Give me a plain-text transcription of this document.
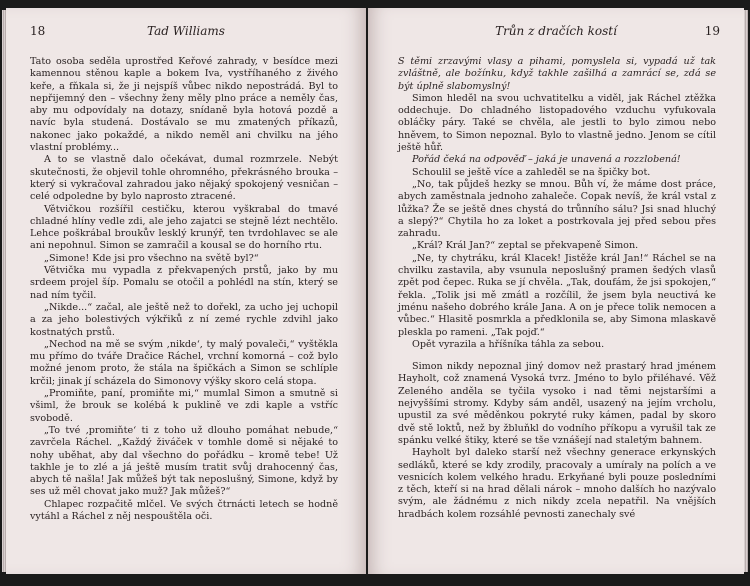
18	Tad Williams

Tato osoba seděla uprostřed Keřové zahrady, v besídce mezi kamennou stěnou kaple a bokem Iva, vystříhaného z živého keře, a fňkala si, že ji nejspíš vůbec nikdo nepostrádá. Byl to nepřijemný den – všechny ženy měly plno práce a neměly čas, aby mu odpovídaly na dotazy, snídaně byla hotová pozdě a navíc byla studená. Dostávalo se mu zmatených příkazů, nakonec jako pokaždé, a nikdo neměl ani chvilku na jého vlastní problémy...

A to se vlastně dalo očekávat, dumal rozmrzele. Nebýt skutečnosti, že objevil tohle ohromného, překrásného brouka – který si vykračoval zahradou jako nějaký spokojený vesničan – celé odpoledne by bylo naprosto ztracené.

Větvičkou rozšířil cestičku, kterou vyškrabal do tmavé chladné hlíny vedle zdi, ale jeho zajatci se stejně lézt nechtělo. Lehce poškrábal broukův lesklý krunýř, ten tvrdohlavec se ale ani nepohnul. Simon se zamračil a kousal se do horního rtu.

„Simone! Kde jsi pro všechno na světě byl?“

Větvička mu vypadla z překvapených prstů, jako by mu srdeem projel šíp. Pomalu se otočil a pohlédl na stín, který se nad ním tyčil.

„Nikde...“ začal, ale ještě než to dořekl, za ucho jej uchopil a za jeho bolestivých výkřiků z ní zemé rychle zdvihl jako kostnatých prstů.

„Nechod na mě se svým ,nikde‘, ty malý povaleči,“ vyštěkla mu přímo do tváře Dračice Ráchel, vrchní komorná – což bylo možné jenom proto, že stála na špičkách a Simon se schlíple krčil; jinak jí scházela do Simonovy výšky skoro celá stopa.

„Promiňte, paní, promiňte mi,“ mumlal Simon a smutně si všiml, že brouk se kolébá k puklině ve zdi kaple a vstříc svobodě.

„To tvé ,promiňte‘ ti z toho už dlouho pomáhat nebude,“ zavrčela Ráchel. „Každý živáček v tomhle domě si nějaké to nohy uběhat, aby dal všechno do pořádku – kromě tebe! Už takhle je to zlé a já ještě musím tratit svůj drahocenný čas, abych tě našla! Jak můžeš být tak neposlušný, Simone, když by ses už měl chovat jako muž? Jak můžeš?“

Chlapec rozpačitě mlčel. Ve svých čtrnácti letech se hodně vytáhl a Ráchel z něj nespouštěla oči.

Trůn z dračích kostí	19

S těmi zrzavými vlasy a pihami, pomyslela si, vypadá už tak zvláštně, ale božínku, když takhle zašilhá a zamrácí se, zdá se být úplně slabomyslný!

Simon hleděl na svou uchvatitelku a viděl, jak Ráchel ztěžka oddechuje. Do chladného listopadového vzduchu vyfukovala obláčky páry. Také se chvěla, ale jestli to bylo zimou nebo hněvem, to Simon nepoznal. Bylo to vlastně jedno. Jenom se cítil ještě hůř.

Pořád čeká na odpověď – jaká je unavená a rozzlobená!

Schoulil se ještě více a zahleděl se na špičky bot.

„No, tak půjdeš hezky se mnou. Bůh ví, že máme dost práce, abych zaměstnala jednoho zahaleče. Copak nevíš, že král vstal z lůžka? Že se ještě dnes chystá do trůnního sálu? Jsi snad hluchý a slepý?“ Chytila ho za loket a postrkovala jej před sebou přes zahradu.

„Král? Král Jan?“ zeptal se překvapeně Simon.

„Ne, ty chytráku, král Klacek! Jistěže král Jan!“ Ráchel se na chvilku zastavila, aby vsunula neposlušný pramen šedých vlasů zpět pod čepec. Ruka se jí chvěla. „Tak, doufám, že jsi spokojen,“ řekla. „Tolik jsi mě zmátl a rozčílil, že jsem byla neuctivá ke jménu našeho dobrého krále Jana. A on je přece tolik nemocen a vůbec.“ Hlasitě posmrkla a předklonila se, aby Simona mlaskavě pleskla po rameni. „Tak pojď.“

Opět vyrazila a hříšníka táhla za sebou.

Simon nikdy nepoznal jiný domov než prastarý hrad jménem Hayholt, což znamená Vysoká tvrz. Jméno to bylo přiléhavé. Věž Zeleného anděla se tyčila vysoko i nad těmi nejstaršími a nejvyššími stromy. Kdyby sám anděl, usazený na jejím vrcholu, upustil za své měděnkou pokryté ruky kámen, padal by skoro dvě stě loktů, než by žbluňkl do vodního příkopu a vyrušil tak ze spánku velké štiky, které se tše vznášejí nad staletým bahnem.

Hayholt byl daleko starší než všechny generace erkynských sedláků, které se kdy zrodily, pracovaly a umíraly na polích a ve vesnicích kolem velkého hradu. Erkyňané byli pouze posledními z těch, kteří si na hrad dělali nárok – mnoho dalších ho nazývalo svým, ale žádnému z nich nikdy zcela nepatřil. Na vnějších hradbách kolem rozsáhlé pevnosti zanechaly své
